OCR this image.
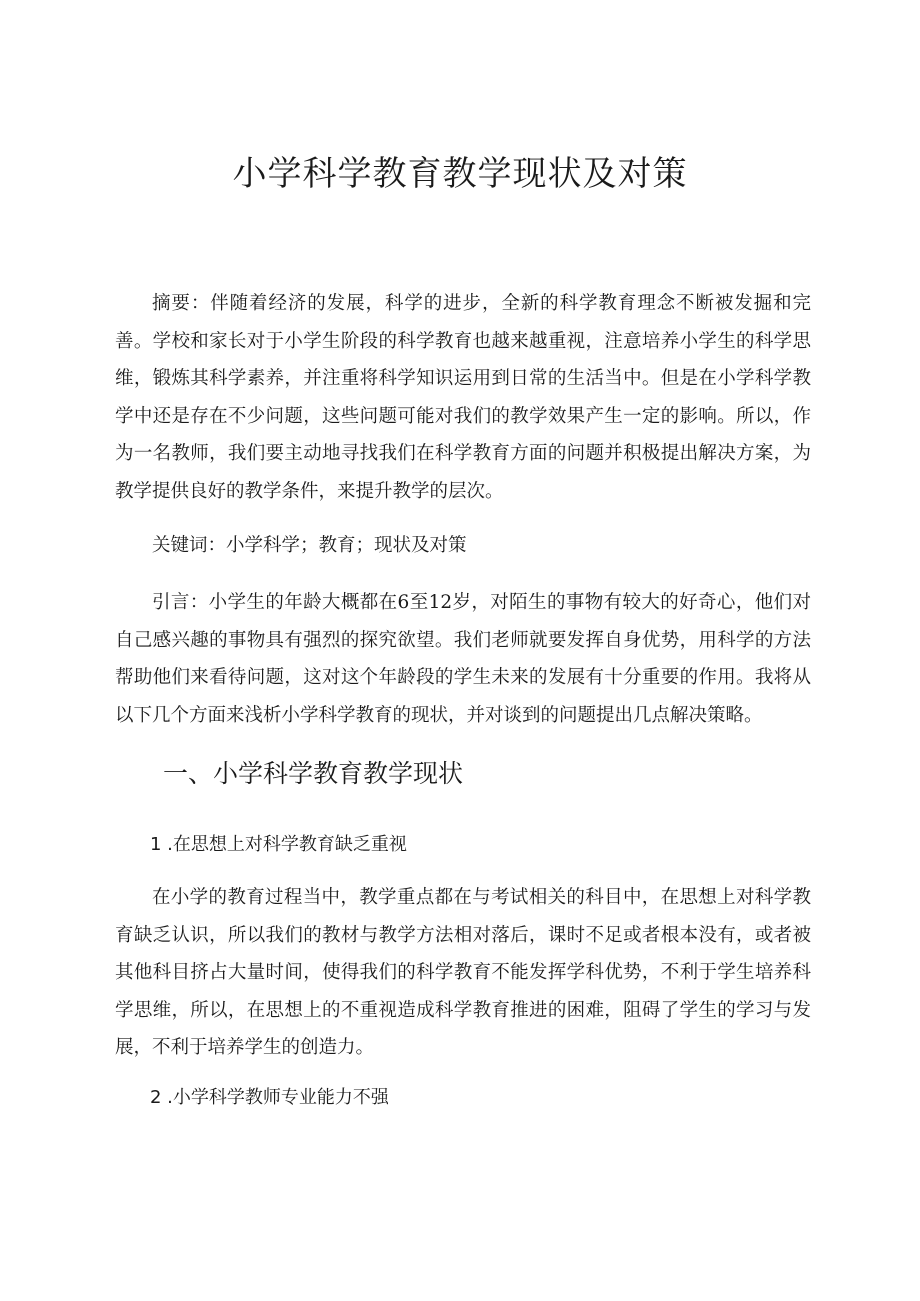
小学科学教育教学现状及对策

摘要：伴随着经济的发展，科学的进步，全新的科学教育理念不断被发掘和完善。学校和家长对于小学生阶段的科学教育也越来越重视，注意培养小学生的科学思维，锻炼其科学素养，并注重将科学知识运用到日常的生活当中。但是在小学科学教学中还是存在不少问题，这些问题可能对我们的教学效果产生一定的影响。所以，作为一名教师，我们要主动地寻找我们在科学教育方面的问题并积极提出解决方案，为教学提供良好的教学条件，来提升教学的层次。

关键词：小学科学；教育；现状及对策

引言：小学生的年龄大概都在6至12岁，对陌生的事物有较大的好奇心，他们对自己感兴趣的事物具有强烈的探究欲望。我们老师就要发挥自身优势，用科学的方法帮助他们来看待问题，这对这个年龄段的学生未来的发展有十分重要的作用。我将从以下几个方面来浅析小学科学教育的现状，并对谈到的问题提出几点解决策略。

一、小学科学教育教学现状

1 .在思想上对科学教育缺乏重视

在小学的教育过程当中，教学重点都在与考试相关的科目中，在思想上对科学教育缺乏认识，所以我们的教材与教学方法相对落后，课时不足或者根本没有，或者被其他科目挤占大量时间，使得我们的科学教育不能发挥学科优势，不利于学生培养科学思维，所以，在思想上的不重视造成科学教育推进的困难，阻碍了学生的学习与发展，不利于培养学生的创造力。

2 .小学科学教师专业能力不强
